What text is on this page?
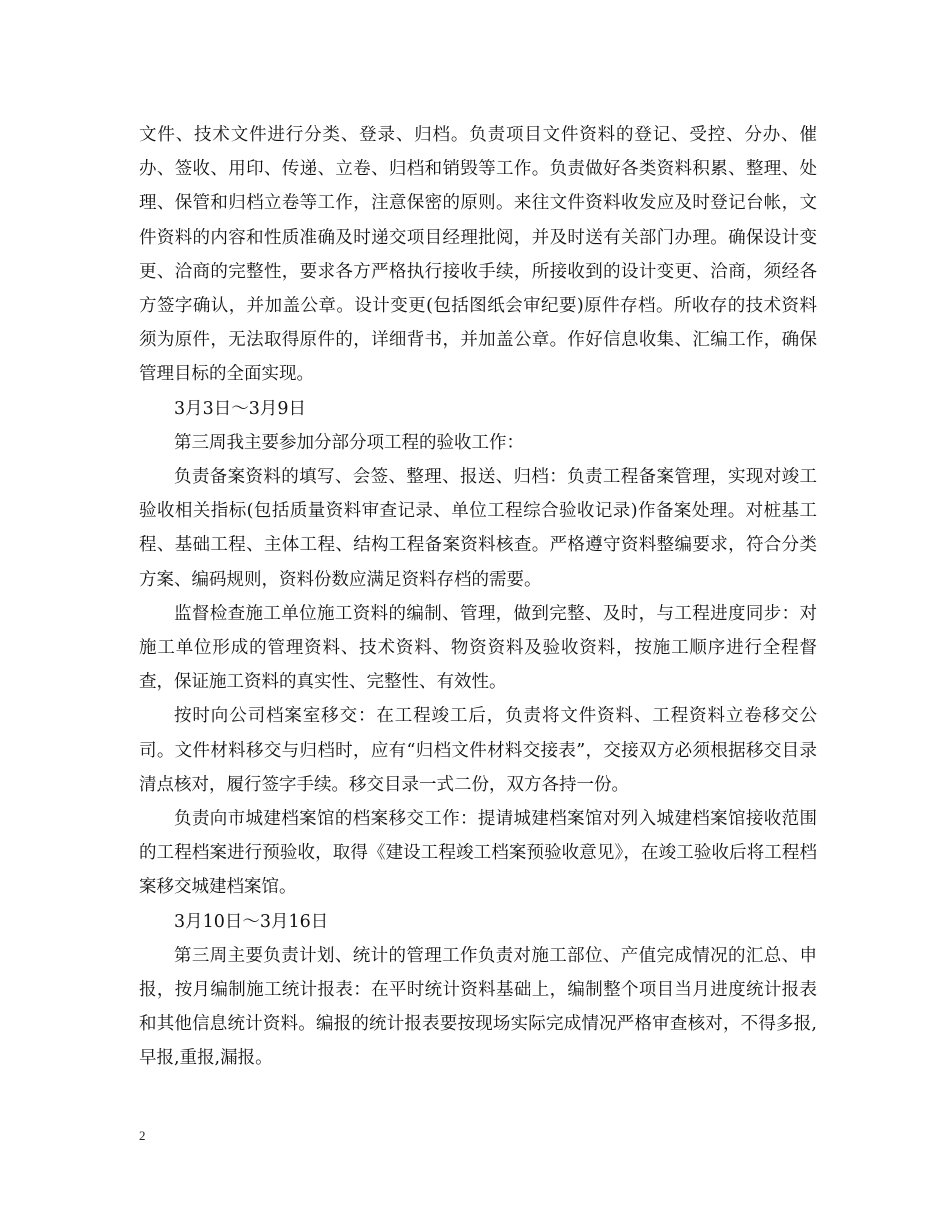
文件、技术文件进行分类、登录、归档。负责项目文件资料的登记、受控、分办、催办、签收、用印、传递、立卷、归档和销毁等工作。负责做好各类资料积累、整理、处理、保管和归档立卷等工作，注意保密的原则。来往文件资料收发应及时登记台帐，文件资料的内容和性质准确及时递交项目经理批阅，并及时送有关部门办理。确保设计变更、洽商的完整性，要求各方严格执行接收手续，所接收到的设计变更、洽商，须经各方签字确认，并加盖公章。设计变更(包括图纸会审纪要)原件存档。所收存的技术资料须为原件，无法取得原件的，详细背书，并加盖公章。作好信息收集、汇编工作，确保管理目标的全面实现。

3月3日～3月9日

第三周我主要参加分部分项工程的验收工作：

负责备案资料的填写、会签、整理、报送、归档：负责工程备案管理，实现对竣工验收相关指标(包括质量资料审查记录、单位工程综合验收记录)作备案处理。对桩基工程、基础工程、主体工程、结构工程备案资料核查。严格遵守资料整编要求，符合分类方案、编码规则，资料份数应满足资料存档的需要。

监督检查施工单位施工资料的编制、管理，做到完整、及时，与工程进度同步：对施工单位形成的管理资料、技术资料、物资资料及验收资料，按施工顺序进行全程督查，保证施工资料的真实性、完整性、有效性。

按时向公司档案室移交：在工程竣工后，负责将文件资料、工程资料立卷移交公司。文件材料移交与归档时，应有“归档文件材料交接表”，交接双方必须根据移交目录清点核对，履行签字手续。移交目录一式二份，双方各持一份。

负责向市城建档案馆的档案移交工作：提请城建档案馆对列入城建档案馆接收范围的工程档案进行预验收，取得《建设工程竣工档案预验收意见》，在竣工验收后将工程档案移交城建档案馆。

3月10日～3月16日

第三周主要负责计划、统计的管理工作负责对施工部位、产值完成情况的汇总、申报，按月编制施工统计报表：在平时统计资料基础上，编制整个项目当月进度统计报表和其他信息统计资料。编报的统计报表要按现场实际完成情况严格审查核对，不得多报,早报,重报,漏报。

2
